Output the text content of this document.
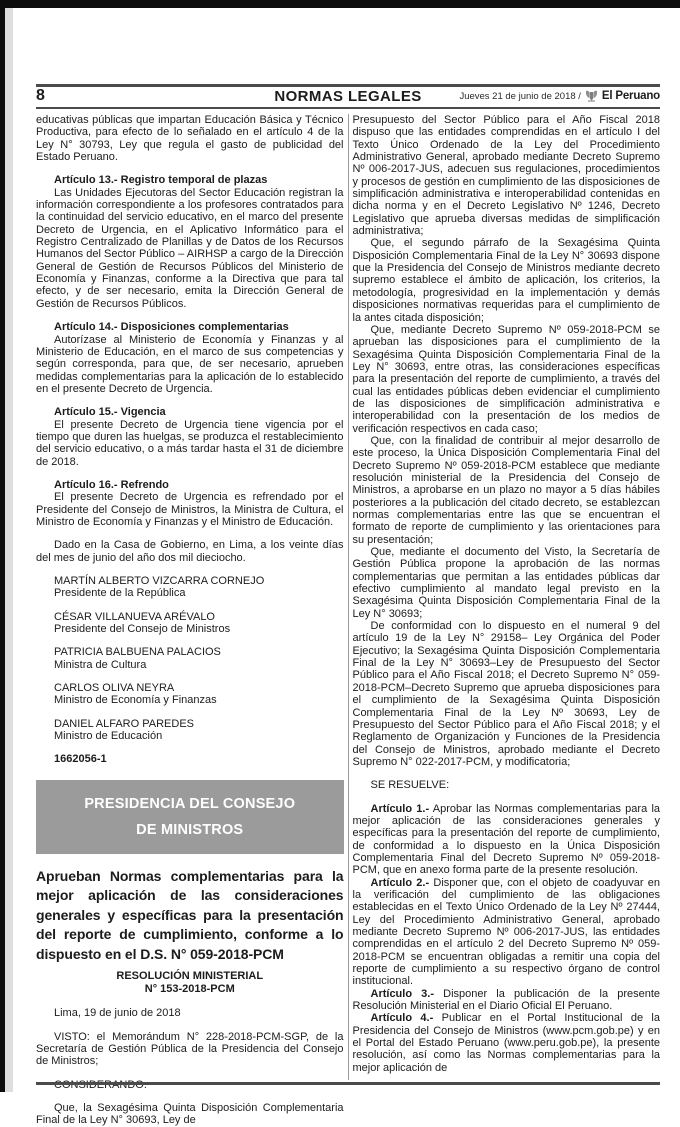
8	NORMAS LEGALES	Jueves 21 de junio de 2018 / El Peruano
educativas públicas que impartan Educación Básica y Técnico Productiva, para efecto de lo señalado en el artículo 4 de la Ley N° 30793, Ley que regula el gasto de publicidad del Estado Peruano.
Artículo 13.- Registro temporal de plazas
Las Unidades Ejecutoras del Sector Educación registran la información correspondiente a los profesores contratados para la continuidad del servicio educativo, en el marco del presente Decreto de Urgencia, en el Aplicativo Informático para el Registro Centralizado de Planillas y de Datos de los Recursos Humanos del Sector Público – AIRHSP a cargo de la Dirección General de Gestión de Recursos Públicos del Ministerio de Economía y Finanzas, conforme a la Directiva que para tal efecto, y de ser necesario, emita la Dirección General de Gestión de Recursos Públicos.
Artículo 14.- Disposiciones complementarias
Autorízase al Ministerio de Economía y Finanzas y al Ministerio de Educación, en el marco de sus competencias y según corresponda, para que, de ser necesario, aprueben medidas complementarias para la aplicación de lo establecido en el presente Decreto de Urgencia.
Artículo 15.- Vigencia
El presente Decreto de Urgencia tiene vigencia por el tiempo que duren las huelgas, se produzca el restablecimiento del servicio educativo, o a más tardar hasta el 31 de diciembre de 2018.
Artículo 16.- Refrendo
El presente Decreto de Urgencia es refrendado por el Presidente del Consejo de Ministros, la Ministra de Cultura, el Ministro de Economía y Finanzas y el Ministro de Educación.
Dado en la Casa de Gobierno, en Lima, a los veinte días del mes de junio del año dos mil dieciocho.
MARTÍN ALBERTO VIZCARRA CORNEJO
Presidente de la República
CÉSAR VILLANUEVA ARÉVALO
Presidente del Consejo de Ministros
PATRICIA BALBUENA PALACIOS
Ministra de Cultura
CARLOS OLIVA NEYRA
Ministro de Economía y Finanzas
DANIEL ALFARO PAREDES
Ministro de Educación
1662056-1
PRESIDENCIA DEL CONSEJO
DE MINISTROS
Aprueban Normas complementarias para la mejor aplicación de las consideraciones generales y específicas para la presentación del reporte de cumplimiento, conforme a lo dispuesto en el D.S. N° 059-2018-PCM
RESOLUCIÓN MINISTERIAL
N° 153-2018-PCM
Lima, 19 de junio de 2018
VISTO: el Memorándum N° 228-2018-PCM-SGP, de la Secretaría de Gestión Pública de la Presidencia del Consejo de Ministros;
Que, la Sexagésima Quinta Disposición Complementaria Final de la Ley N° 30693, Ley de
Presupuesto del Sector Público para el Año Fiscal 2018 dispuso que las entidades comprendidas en el artículo I del Texto Único Ordenado de la Ley del Procedimiento Administrativo General, aprobado mediante Decreto Supremo Nº 006-2017-JUS, adecuen sus regulaciones, procedimientos y procesos de gestión en cumplimiento de las disposiciones de simplificación administrativa e interoperabilidad contenidas en dicha norma y en el Decreto Legislativo Nº 1246, Decreto Legislativo que aprueba diversas medidas de simplificación administrativa;
Que, el segundo párrafo de la Sexagésima Quinta Disposición Complementaria Final de la Ley N° 30693 dispone que la Presidencia del Consejo de Ministros mediante decreto supremo establece el ámbito de aplicación, los criterios, la metodología, progresividad en la implementación y demás disposiciones normativas requeridas para el cumplimiento de la antes citada disposición;
Que, mediante Decreto Supremo Nº 059-2018-PCM se aprueban las disposiciones para el cumplimiento de la Sexagésima Quinta Disposición Complementaria Final de la Ley N° 30693, entre otras, las consideraciones específicas para la presentación del reporte de cumplimiento, a través del cual las entidades públicas deben evidenciar el cumplimiento de las disposiciones de simplificación administrativa e interoperabilidad con la presentación de los medios de verificación respectivos en cada caso;
Que, con la finalidad de contribuir al mejor desarrollo de este proceso, la Única Disposición Complementaria Final del Decreto Supremo Nº 059-2018-PCM establece que mediante resolución ministerial de la Presidencia del Consejo de Ministros, a aprobarse en un plazo no mayor a 5 días hábiles posteriores a la publicación del citado decreto, se establezcan normas complementarias entre las que se encuentran el formato de reporte de cumplimiento y las orientaciones para su presentación;
Que, mediante el documento del Visto, la Secretaría de Gestión Pública propone la aprobación de las normas complementarias que permitan a las entidades públicas dar efectivo cumplimiento al mandato legal previsto en la Sexagésima Quinta Disposición Complementaria Final de la Ley N° 30693;
De conformidad con lo dispuesto en el numeral 9 del artículo 19 de la Ley N° 29158– Ley Orgánica del Poder Ejecutivo; la Sexagésima Quinta Disposición Complementaria Final de la Ley N° 30693–Ley de Presupuesto del Sector Público para el Año Fiscal 2018; el Decreto Supremo N° 059-2018-PCM–Decreto Supremo que aprueba disposiciones para el cumplimiento de la Sexagésima Quinta Disposición Complementaria Final de la Ley Nº 30693, Ley de Presupuesto del Sector Público para el Año Fiscal 2018; y el Reglamento de Organización y Funciones de la Presidencia del Consejo de Ministros, aprobado mediante el Decreto Supremo N° 022-2017-PCM, y modificatoria;
SE RESUELVE:
Artículo 1.- Aprobar las Normas complementarias para la mejor aplicación de las consideraciones generales y específicas para la presentación del reporte de cumplimiento, de conformidad a lo dispuesto en la Única Disposición Complementaria Final del Decreto Supremo Nº 059-2018-PCM, que en anexo forma parte de la presente resolución.
Artículo 2.- Disponer que, con el objeto de coadyuvar en la verificación del cumplimiento de las obligaciones establecidas en el Texto Único Ordenado de la Ley Nº 27444, Ley del Procedimiento Administrativo General, aprobado mediante Decreto Supremo Nº 006-2017-JUS, las entidades comprendidas en el artículo 2 del Decreto Supremo Nº 059-2018-PCM se encuentran obligadas a remitir una copia del reporte de cumplimiento a su respectivo órgano de control institucional.
Artículo 3.- Disponer la publicación de la presente Resolución Ministerial en el Diario Oficial El Peruano.
Artículo 4.- Publicar en el Portal Institucional de la Presidencia del Consejo de Ministros (www.pcm.gob.pe) y en el Portal del Estado Peruano (www.peru.gob.pe), la presente resolución, así como las Normas complementarias para la mejor aplicación de
